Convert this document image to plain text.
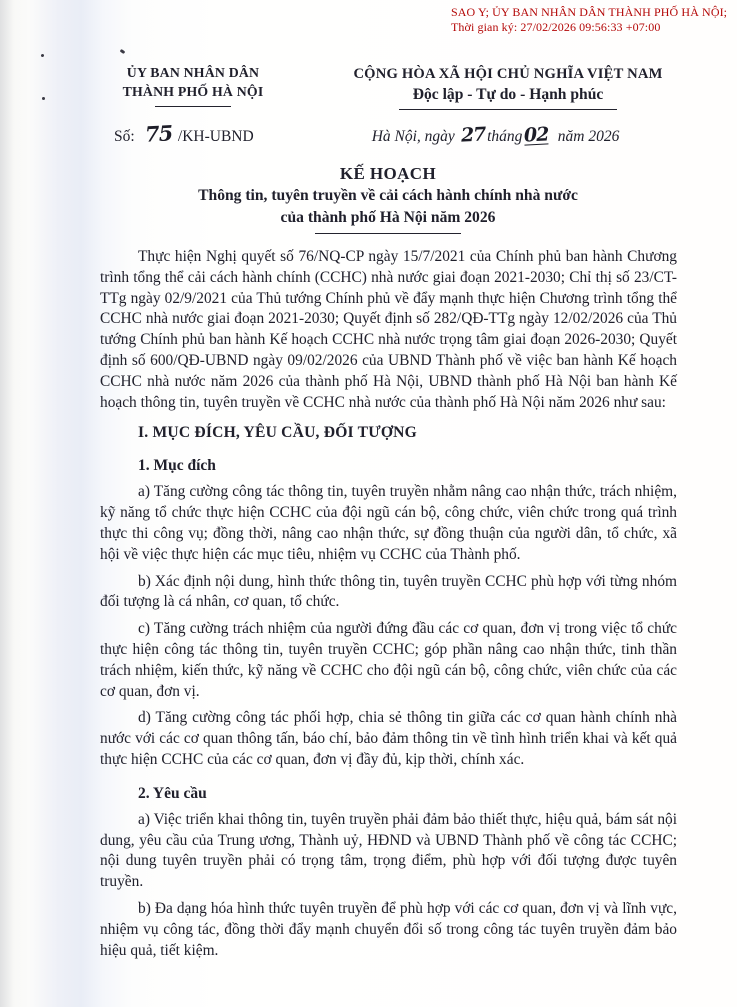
SAO Y; ỦY BAN NHÂN DÂN THÀNH PHỐ HÀ NỘI;
Thời gian ký: 27/02/2026 09:56:33 +07:00
ỦY BAN NHÂN DÂN
THÀNH PHỐ HÀ NỘI
CỘNG HÒA XÃ HỘI CHỦ NGHĨA VIỆT NAM
Độc lập - Tự do - Hạnh phúc
Số: 75 /KH-UBND	Hà Nội, ngày 27tháng02 năm 2026
KẾ HOẠCH
Thông tin, tuyên truyền về cải cách hành chính nhà nước
của thành phố Hà Nội năm 2026

Thực hiện Nghị quyết số 76/NQ-CP ngày 15/7/2021 của Chính phủ ban hành Chương trình tổng thể cải cách hành chính (CCHC) nhà nước giai đoạn 2021-2030; Chỉ thị số 23/CT-TTg ngày 02/9/2021 của Thủ tướng Chính phủ về đẩy mạnh thực hiện Chương trình tổng thể CCHC nhà nước giai đoạn 2021-2030; Quyết định số 282/QĐ-TTg ngày 12/02/2026 của Thủ tướng Chính phủ ban hành Kế hoạch CCHC nhà nước trọng tâm giai đoạn 2026-2030; Quyết định số 600/QĐ-UBND ngày 09/02/2026 của UBND Thành phố về việc ban hành Kế hoạch CCHC nhà nước năm 2026 của thành phố Hà Nội, UBND thành phố Hà Nội ban hành Kế hoạch thông tin, tuyên truyền về CCHC nhà nước của thành phố Hà Nội năm 2026 như sau:

I. MỤC ĐÍCH, YÊU CẦU, ĐỐI TƯỢNG
1. Mục đích

a) Tăng cường công tác thông tin, tuyên truyền nhằm nâng cao nhận thức, trách nhiệm, kỹ năng tổ chức thực hiện CCHC của đội ngũ cán bộ, công chức, viên chức trong quá trình thực thi công vụ; đồng thời, nâng cao nhận thức, sự đồng thuận của người dân, tổ chức, xã hội về việc thực hiện các mục tiêu, nhiệm vụ CCHC của Thành phố.

b) Xác định nội dung, hình thức thông tin, tuyên truyền CCHC phù hợp với từng nhóm đối tượng là cá nhân, cơ quan, tổ chức.

c) Tăng cường trách nhiệm của người đứng đầu các cơ quan, đơn vị trong việc tổ chức thực hiện công tác thông tin, tuyên truyền CCHC; góp phần nâng cao nhận thức, tinh thần trách nhiệm, kiến thức, kỹ năng về CCHC cho đội ngũ cán bộ, công chức, viên chức của các cơ quan, đơn vị.

d) Tăng cường công tác phối hợp, chia sẻ thông tin giữa các cơ quan hành chính nhà nước với các cơ quan thông tấn, báo chí, bảo đảm thông tin về tình hình triển khai và kết quả thực hiện CCHC của các cơ quan, đơn vị đầy đủ, kịp thời, chính xác.

2. Yêu cầu

a) Việc triển khai thông tin, tuyên truyền phải đảm bảo thiết thực, hiệu quả, bám sát nội dung, yêu cầu của Trung ương, Thành uỷ, HĐND và UBND Thành phố về công tác CCHC; nội dung tuyên truyền phải có trọng tâm, trọng điểm, phù hợp với đối tượng được tuyên truyền.

b) Đa dạng hóa hình thức tuyên truyền để phù hợp với các cơ quan, đơn vị và lĩnh vực, nhiệm vụ công tác, đồng thời đẩy mạnh chuyển đổi số trong công tác tuyên truyền đảm bảo hiệu quả, tiết kiệm.
